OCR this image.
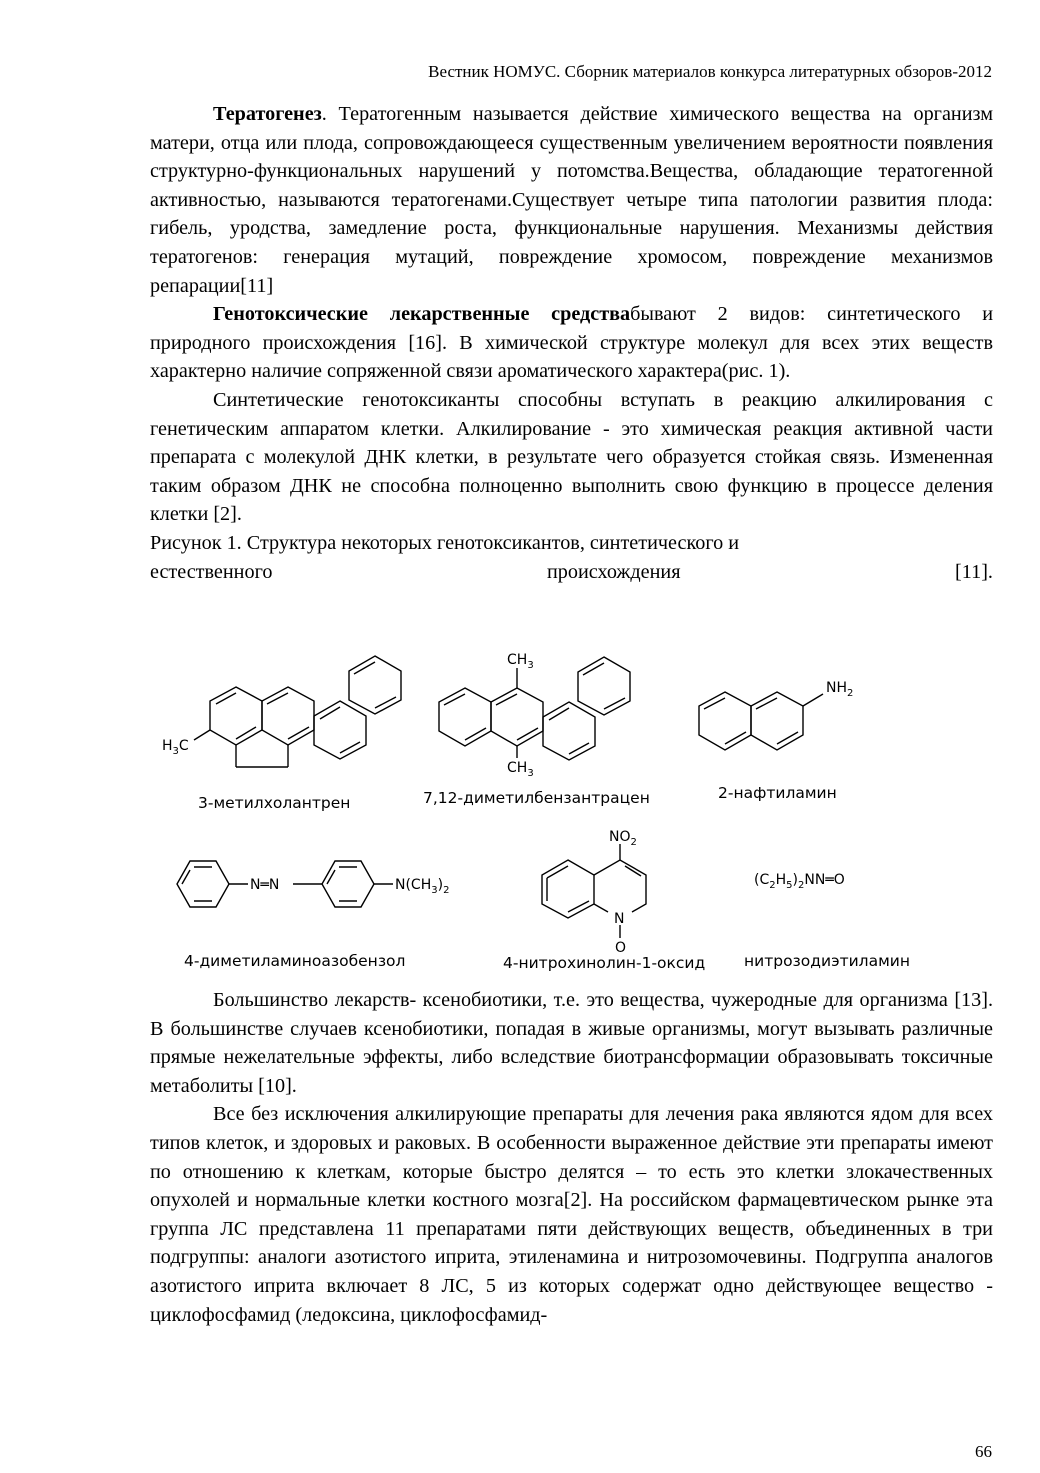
Вестник НОМУС. Сборник материалов конкурса литературных обзоров-2012

Тератогенез. Тератогенным называется действие химического вещества на организм матери, отца или плода, сопровождающееся существенным увеличением вероятности появления структурно-функциональных нарушений у потомства.Вещества, обладающие тератогенной активностью, называются тератогенами.Существует четыре типа патологии развития плода: гибель, уродства, замедление роста, функциональные нарушения. Механизмы действия тератогенов: генерация мутаций, повреждение хромосом, повреждение механизмов репарации[11]

Генотоксические лекарственные средствабывают 2 видов: синтетического и природного происхождения [16]. В химической структуре молекул для всех этих веществ характерно наличие сопряженной связи ароматического характера(рис. 1).

Синтетические генотоксиканты способны вступать в реакцию алкилирования с генетическим аппаратом клетки. Алкилирование - это химическая реакция активной части препарата с молекулой ДНК клетки, в результате чего образуется стойкая связь. Измененная таким образом ДНК не способна полноценно выполнить свою функцию в процессе деления клетки [2].

Рисунок 1. Структура некоторых генотоксикантов, синтетического и

естественного	происхождения	[11].
$H_3C$
$CH_3$
$CH_3$
$NH_2$
N═N	$N(CH_3)_2$
$NO_2$
N
O
$(C_2H_5)_2NN═O$
3-метилхолантрен	7,12-диметилбензантрацен	2-нафтиламин
4-диметиламиноазобензол	4-нитрохинолин-1-оксид	нитрозодиэтиламин

Большинство лекарств- ксенобиотики, т.е. это вещества, чужеродные для организма [13]. В большинстве случаев ксенобиотики, попадая в живые организмы, могут вызывать различные прямые нежелательные эффекты, либо вследствие биотрансформации образовывать токсичные метаболиты [10].

Все без исключения алкилирующие препараты для лечения рака являются ядом для всех типов клеток, и здоровых и раковых. В особенности выраженное действие эти препараты имеют по отношению к клеткам, которые быстро делятся – то есть это клетки злокачественных опухолей и нормальные клетки костного мозга[2]. На российском фармацевтическом рынке эта группа ЛС представлена 11 препаратами пяти действующих веществ, объединенных в три подгруппы: аналоги азотистого иприта, этиленамина и нитрозомочевины. Подгруппа аналогов азотистого иприта включает 8 ЛС, 5 из которых содержат одно действующее вещество - циклофосфамид (ледоксина, циклофосфамид-

66
